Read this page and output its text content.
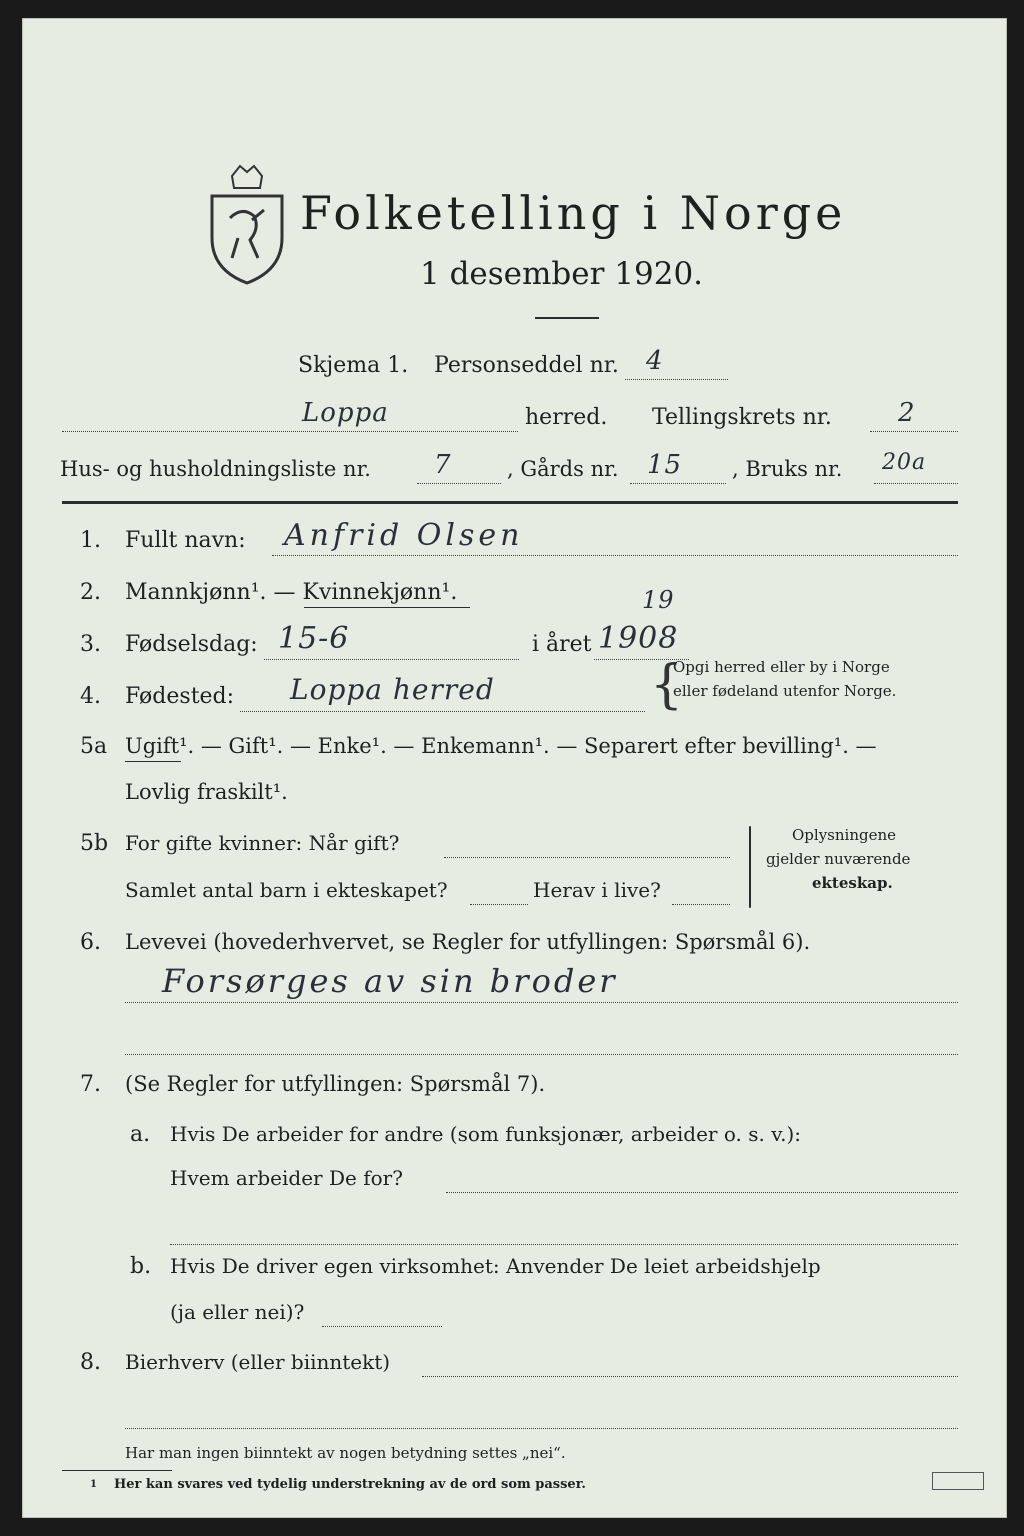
Folketelling i Norge
1 desember 1920.
Skjema 1. Personseddel nr. 4
Loppa	herred. Tellingskrets nr.	2
Hus- og husholdningsliste nr. 7	, Gårds nr. 15 , Bruks nr. 20a
1. Fullt navn: Anfrid Olsen
2. Mannkjønn¹. — Kvinnekjønn¹.
3. Fødselsdag: 15-6	i året 1908
19
4. Fødested: Loppa herred	{
Opgi herred eller by i Norge
eller fødeland utenfor Norge.
5a Ugift¹. — Gift¹. — Enke¹. — Enkemann¹. — Separert efter bevilling¹. —
Lovlig fraskilt¹.
5b For gifte kvinner: Når gift?
Samlet antal barn i ekteskapet?	Herav i live?
Oplysningene
gjelder nuværende
ekteskap.
6. Levevei (hovederhvervet, se Regler for utfyllingen: Spørsmål 6).
Forsørges av sin broder
7. (Se Regler for utfyllingen: Spørsmål 7).
a. Hvis De arbeider for andre (som funksjonær, arbeider o. s. v.):
Hvem arbeider De for?
b. Hvis De driver egen virksomhet: Anvender De leiet arbeidshjelp
(ja eller nei)?
8. Bierhverv (eller biinntekt)
Har man ingen biinntekt av nogen betydning settes „nei“.
1 Her kan svares ved tydelig understrekning av de ord som passer.
